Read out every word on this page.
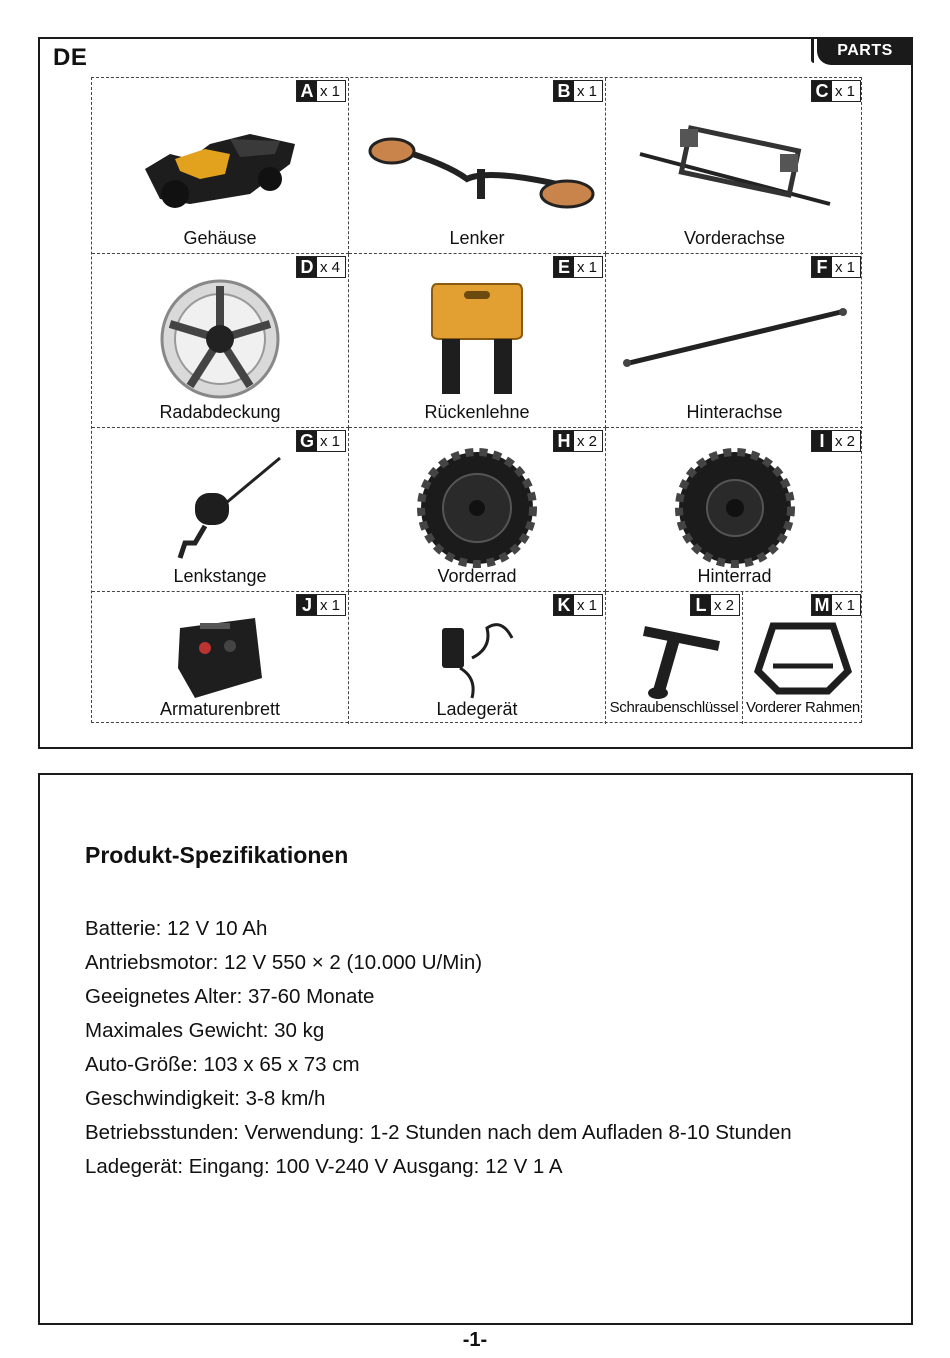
DE	PARTS
A x 1
Gehäuse
B x 1
Lenker
C x 1
Vorderachse
D x 4
Radabdeckung
E x 1
Rückenlehne
F x 1
Hinterachse
G x 1
Lenkstange
H x 2
Vorderrad
I x 2
Hinterrad
J x 1
Armaturenbrett
K x 1
Ladegerät
L x 2
Schraubenschlüssel
M x 1
Vorderer Rahmen
Produkt-Spezifikationen
Batterie: 12 V 10 Ah
Antriebsmotor: 12 V 550 × 2 (10.000 U/Min)
Geeignetes Alter: 37-60 Monate
Maximales Gewicht: 30 kg
Auto-Größe: 103 x 65 x 73 cm
Geschwindigkeit: 3-8 km/h
Betriebsstunden: Verwendung: 1-2 Stunden nach dem Aufladen 8-10 Stunden
Ladegerät: Eingang: 100 V-240 V Ausgang: 12 V 1 A
-1-
